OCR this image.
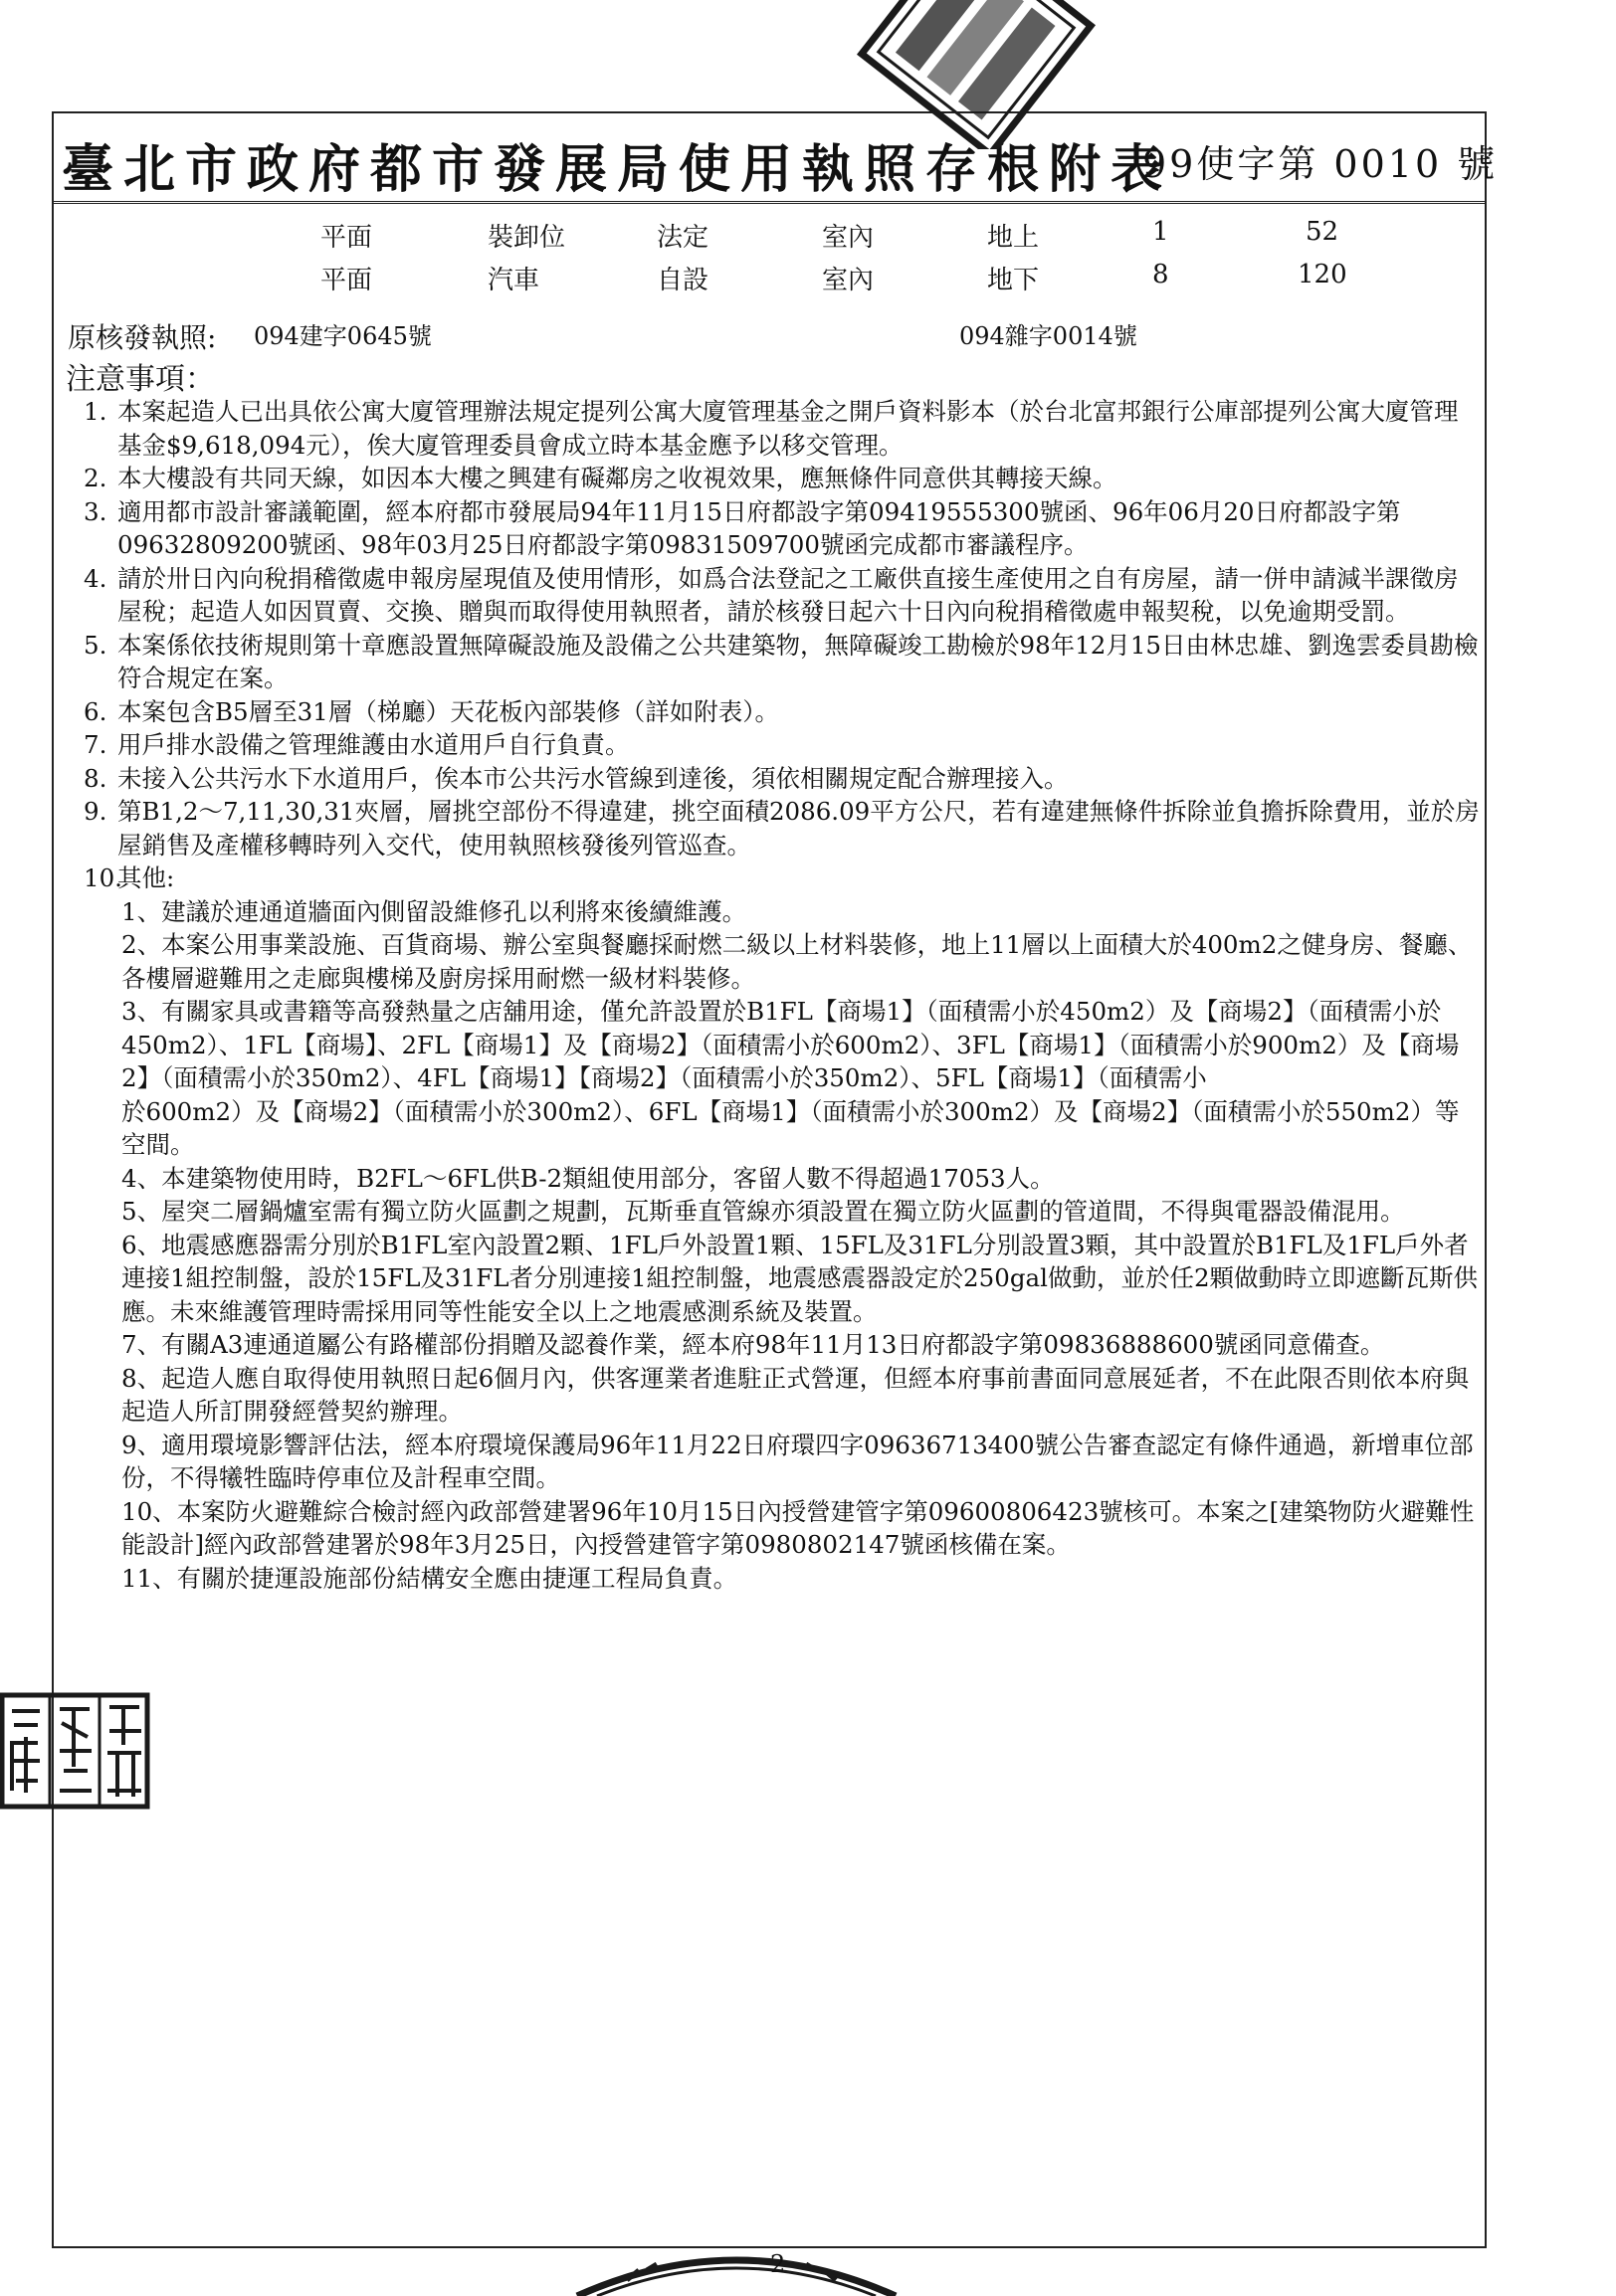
臺北市政府都市發展局使用執照存根附表
99使字第 0010 號
平面	裝卸位	法定	室內	地上	1	52
平面	汽車	自設	室內	地下	8	120
原核發執照: 094建字0645號	094雜字0014號
注意事項：

1. 本案起造人已出具依公寓大廈管理辦法規定提列公寓大廈管理基金之開戶資料影本（於台北富邦銀行公庫部提列公寓大廈管理基金$9,618,094元），俟大廈管理委員會成立時本基金應予以移交管理。

2. 本大樓設有共同天線，如因本大樓之興建有礙鄰房之收視效果，應無條件同意供其轉接天線。

3. 適用都市設計審議範圍，經本府都市發展局94年11月15日府都設字第09419555300號函、96年06月20日府都設字第09632809200號函、98年03月25日府都設字第09831509700號函完成都市審議程序。

4. 請於卅日內向稅捐稽徵處申報房屋現值及使用情形，如爲合法登記之工廠供直接生產使用之自有房屋，請一併申請減半課徵房屋稅；起造人如因買賣、交換、贈與而取得使用執照者，請於核發日起六十日內向稅捐稽徵處申報契稅，以免逾期受罰。

5. 本案係依技術規則第十章應設置無障礙設施及設備之公共建築物，無障礙竣工勘檢於98年12月15日由林忠雄、劉逸雲委員勘檢符合規定在案。

6. 本案包含B5層至31層（梯廳）天花板內部裝修（詳如附表）。

7. 用戶排水設備之管理維護由水道用戶自行負責。

8. 未接入公共污水下水道用戶，俟本市公共污水管線到達後，須依相關規定配合辦理接入。

9. 第B1,2～7,11,30,31夾層，層挑空部份不得違建，挑空面積2086.09平方公尺，若有違建無條件拆除並負擔拆除費用，並於房屋銷售及產權移轉時列入交代，使用執照核發後列管巡查。

10.
其他:

1、建議於連通道牆面內側留設維修孔以利將來後續維護。
2、本案公用事業設施、百貨商場、辦公室與餐廳採耐燃二級以上材料裝修，地上11層以上面積大於400m2之健身房、餐廳、各樓層避難用之走廊與樓梯及廚房採用耐燃一級材料裝修。
3、有關家具或書籍等高發熱量之店舖用途，僅允許設置於B1FL【商場1】（面積需小於450m2）及【商場2】（面積需小於450m2）、1FL【商場】、2FL【商場1】及【商場2】（面積需小於600m2）、3FL【商場1】（面積需小於900m2）及【商場2】（面積需小於350m2）、4FL【商場1】【商場2】（面積需小於350m2）、5FL【商場1】（面積需小
於600m2）及【商場2】（面積需小於300m2）、6FL【商場1】（面積需小於300m2）及【商場2】（面積需小於550m2）等空間。
4、本建築物使用時，B2FL～6FL供B-2類組使用部分，客留人數不得超過17053人。
5、屋突二層鍋爐室需有獨立防火區劃之規劃，瓦斯垂直管線亦須設置在獨立防火區劃的管道間，不得與電器設備混用。
6、地震感應器需分別於B1FL室內設置2顆、1FL戶外設置1顆、15FL及31FL分別設置3顆，其中設置於B1FL及1FL戶外者連接1組控制盤，設於15FL及31FL者分別連接1組控制盤，地震感震器設定於250gal做動，並於任2顆做動時立即遮斷瓦斯供應。未來維護管理時需採用同等性能安全以上之地震感測系統及裝置。
7、有關A3連通道屬公有路權部份捐贈及認養作業，經本府98年11月13日府都設字第09836888600號函同意備查。
8、起造人應自取得使用執照日起6個月內，供客運業者進駐正式營運，但經本府事前書面同意展延者，不在此限否則依本府與起造人所訂開發經營契約辦理。
9、適用環境影響評估法，經本府環境保護局96年11月22日府環四字09636713400號公告審查認定有條件通過，新增車位部份，不得犧牲臨時停車位及計程車空間。
10、本案防火避難綜合檢討經內政部營建署96年10月15日內授營建管字第09600806423號核可。本案之[建築物防火避難性能設計]經內政部營建署於98年3月25日，內授營建管字第0980802147號函核備在案。
11、有關於捷運設施部份結構安全應由捷運工程局負責。
2
